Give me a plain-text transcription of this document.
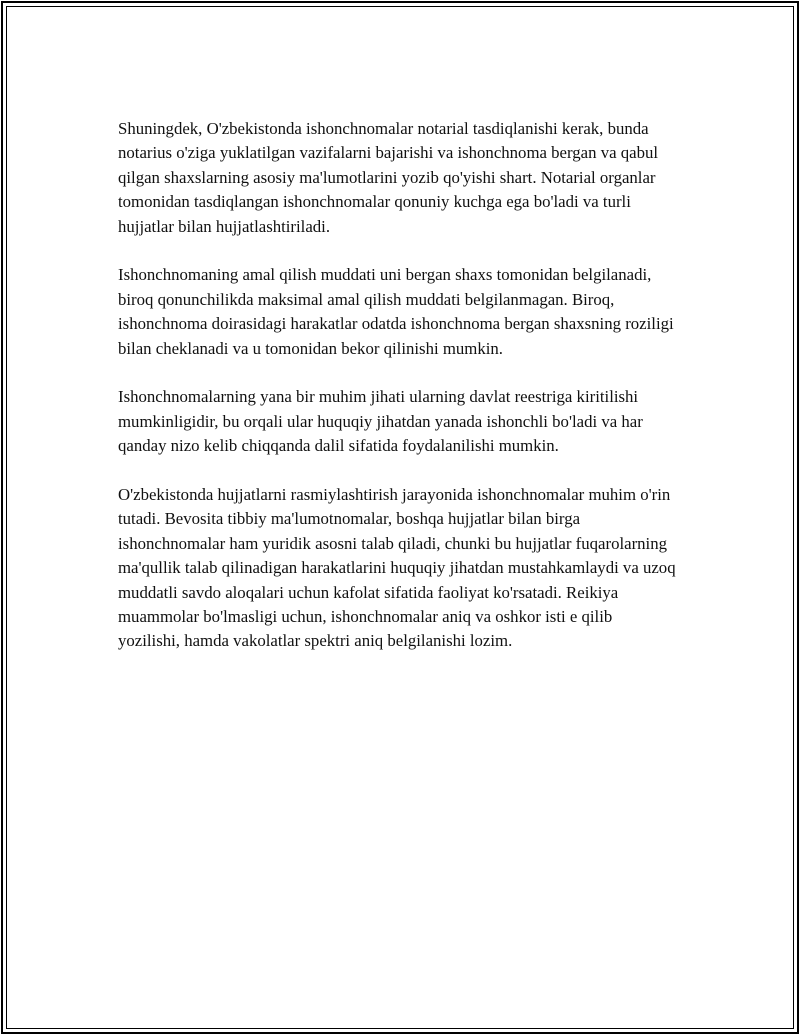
Shuningdek, O'zbekistonda ishonchnomalar notarial tasdiqlanishi kerak, bunda notarius o'ziga yuklatilgan vazifalarni bajarishi va ishonchnoma bergan va qabul qilgan shaxslarning asosiy ma'lumotlarini yozib qo'yishi shart. Notarial organlar tomonidan tasdiqlangan ishonchnomalar qonuniy kuchga ega bo'ladi va turli hujjatlar bilan hujjatlashtiriladi.

Ishonchnomaning amal qilish muddati uni bergan shaxs tomonidan belgilanadi, biroq qonunchilikda maksimal amal qilish muddati belgilanmagan. Biroq, ishonchnoma doirasidagi harakatlar odatda ishonchnoma bergan shaxsning roziligi bilan cheklanadi va u tomonidan bekor qilinishi mumkin.

Ishonchnomalarning yana bir muhim jihati ularning davlat reestriga kiritilishi mumkinligidir, bu orqali ular huquqiy jihatdan yanada ishonchli bo'ladi va har qanday nizo kelib chiqqanda dalil sifatida foydalanilishi mumkin.

O'zbekistonda hujjatlarni rasmiylashtirish jarayonida ishonchnomalar muhim o'rin tutadi. Bevosita tibbiy ma'lumotnomalar, boshqa hujjatlar bilan birga ishonchnomalar ham yuridik asosni talab qiladi, chunki bu hujjatlar fuqarolarning ma'qullik talab qilinadigan harakatlarini huquqiy jihatdan mustahkamlaydi va uzoq muddatli savdo aloqalari uchun kafolat sifatida faoliyat ko'rsatadi. Reikiya muammolar bo'lmasligi uchun, ishonchnomalar aniq va oshkor isti e qilib yozilishi, hamda vakolatlar spektri aniq belgilanishi lozim.
